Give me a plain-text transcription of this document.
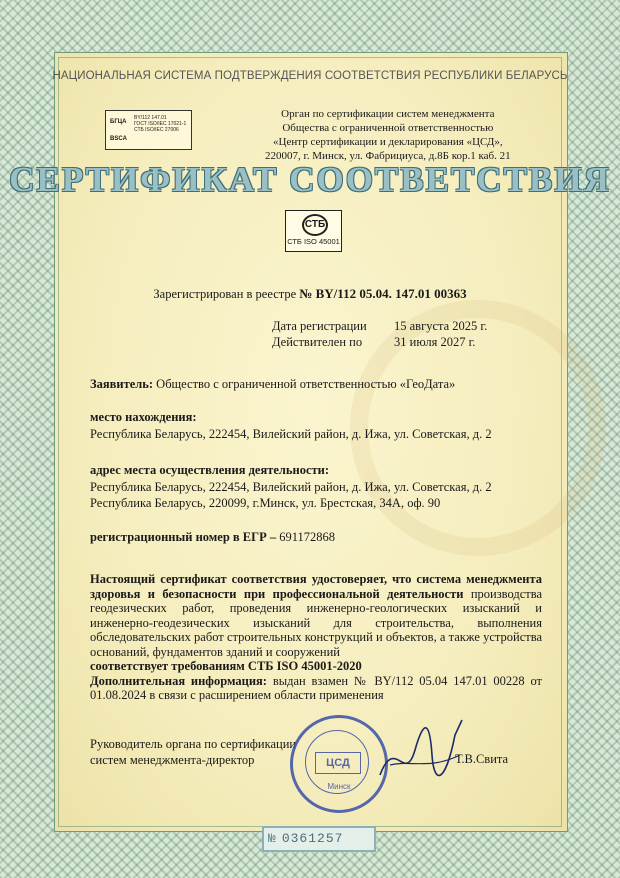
НАЦИОНАЛЬНАЯ СИСТЕМА ПОДТВЕРЖДЕНИЯ СООТВЕТСТВИЯ РЕСПУБЛИКИ БЕЛАРУСЬ
БГЦА
BSCA
BY/112 147.01
ГОСТ ISO/IEC 17021-1
СТБ ISO/IEC 27006
Орган по сертификации систем менеджмента
Общества с ограниченной ответственностью
«Центр сертификации и декларирования «ЦСД»,
220007, г. Минск, ул. Фабрициуса, д.8Б кор.1 каб. 21
СЕРТИФИКАТ СООТВЕТСТВИЯ
СТБ
СТБ ISO 45001
Зарегистрирован в реестре № BY/112 05.04. 147.01 00363
Дата регистрации 15 августа 2025 г.
Действителен по	31 июля 2027 г.
Заявитель: Общество с ограниченной ответственностью «ГеоДата»
место нахождения:
Республика Беларусь, 222454, Вилейский район, д. Ижа, ул. Советская, д. 2
адрес места осуществления деятельности:
Республика Беларусь, 222454, Вилейский район, д. Ижа, ул. Советская, д. 2
Республика Беларусь, 220099, г.Минск, ул. Брестская, 34А, оф. 90
регистрационный номер в ЕГР – 691172868
Настоящий сертификат соответствия удостоверяет, что система менеджмента здоровья и безопасности при профессиональной деятельности производства геодезических работ, проведения инженерно-геологических изысканий и инженерно-геодезических изысканий для строительства, выполнения обследовательских работ строительных конструкций и объектов, а также устройства оснований, фундаментов зданий и сооружений
соответствует требованиям СТБ ISO 45001-2020
Дополнительная информация: выдан взамен № BY/112 05.04 147.01 00228 от 01.08.2024 в связи с расширением области применения
Руководитель органа по сертификации
систем менеджмента-директор	ЦСД
Минск
Т.В.Свита
№ 0361257
